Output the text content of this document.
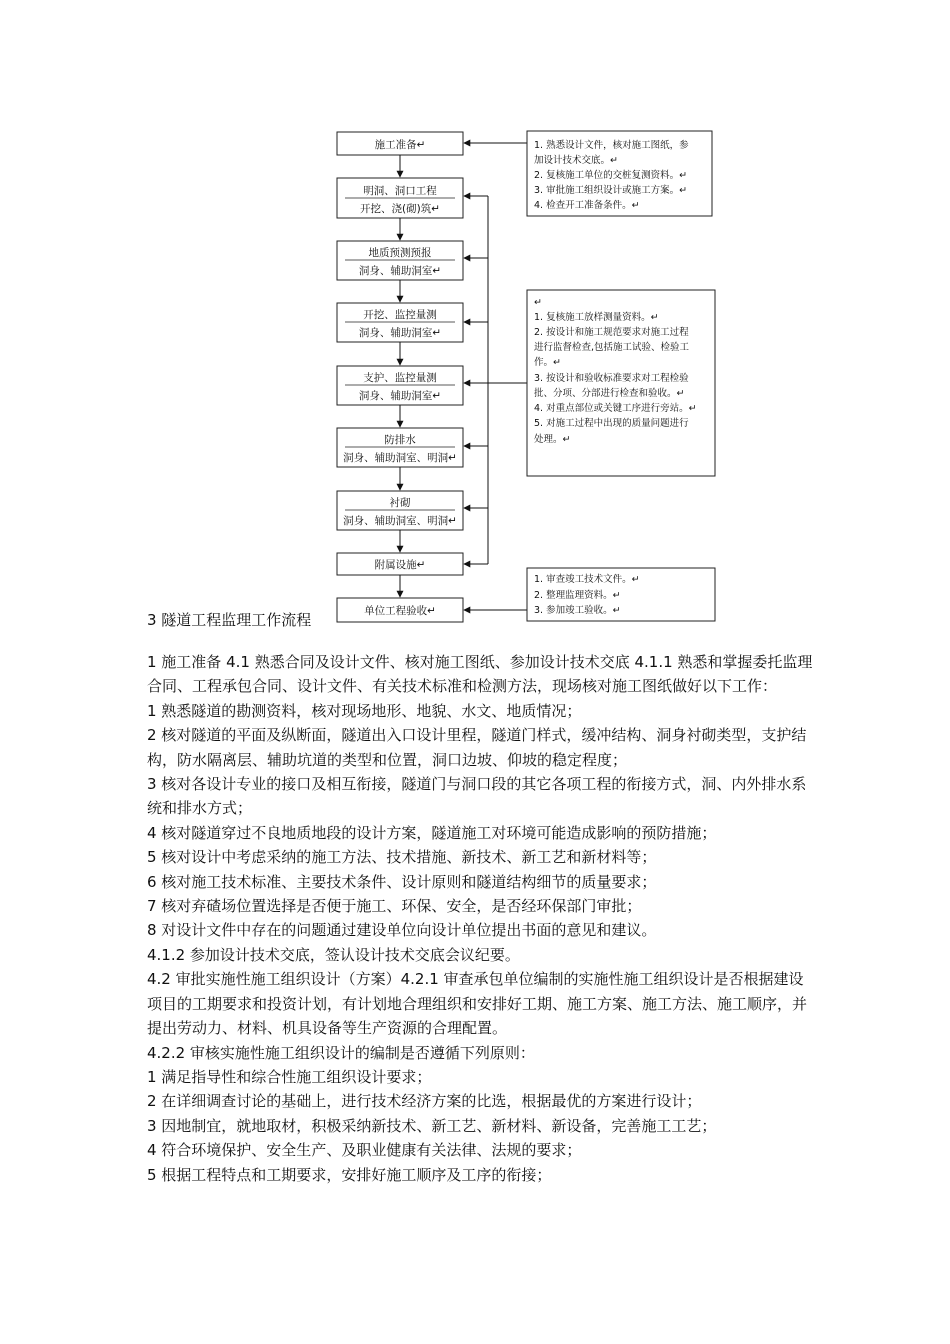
施工准备↵
明洞、洞口工程
开挖、浇(砌)筑↵
地质预测预报
洞身、辅助洞室↵
开挖、监控量测
洞身、辅助洞室↵
支护、监控量测
洞身、辅助洞室↵
防排水
洞身、辅助洞室、明洞↵
衬砌
洞身、辅助洞室、明洞↵
附属设施↵
单位工程验收↵
1. 熟悉设计文件，核对施工图纸，参
加设计技术交底。↵
2. 复核施工单位的交桩复测资料。↵
3. 审批施工组织设计或施工方案。↵
4. 检查开工准备条件。↵
↵
1. 复核施工放样测量资料。↵
2. 按设计和施工规范要求对施工过程
进行监督检查,包括施工试验、检验工
作。↵
3. 按设计和验收标准要求对工程检验
批、分项、分部进行检查和验收。↵
4. 对重点部位或关键工序进行旁站。↵
5. 对施工过程中出现的质量问题进行
处理。↵
1. 审查竣工技术文件。↵
2. 整理监理资料。↵
3. 参加竣工验收。↵
3 隧道工程监理工作流程

1 施工准备 4.1 熟悉合同及设计文件、核对施工图纸、参加设计技术交底 4.1.1 熟悉和掌握委托监理合同、工程承包合同、设计文件、有关技术标准和检测方法，现场核对施工图纸做好以下工作：

1 熟悉隧道的勘测资料，核对现场地形、地貌、水文、地质情况；

2 核对隧道的平面及纵断面，隧道出入口设计里程，隧道门样式，缓冲结构、洞身衬砌类型，支护结构，防水隔离层、辅助坑道的类型和位置，洞口边坡、仰坡的稳定程度；

3 核对各设计专业的接口及相互衔接，隧道门与洞口段的其它各项工程的衔接方式，洞、内外排水系统和排水方式；

4 核对隧道穿过不良地质地段的设计方案，隧道施工对环境可能造成影响的预防措施；

5 核对设计中考虑采纳的施工方法、技术措施、新技术、新工艺和新材料等；

6 核对施工技术标准、主要技术条件、设计原则和隧道结构细节的质量要求；

7 核对弃碴场位置选择是否便于施工、环保、安全，是否经环保部门审批；

8 对设计文件中存在的问题通过建设单位向设计单位提出书面的意见和建议。

4.1.2 参加设计技术交底，签认设计技术交底会议纪要。

4.2 审批实施性施工组织设计（方案）4.2.1 审查承包单位编制的实施性施工组织设计是否根据建设项目的工期要求和投资计划，有计划地合理组织和安排好工期、施工方案、施工方法、施工顺序，并提出劳动力、材料、机具设备等生产资源的合理配置。

4.2.2 审核实施性施工组织设计的编制是否遵循下列原则：

1 满足指导性和综合性施工组织设计要求；

2 在详细调查讨论的基础上，进行技术经济方案的比选，根据最优的方案进行设计；

3 因地制宜，就地取材，积极采纳新技术、新工艺、新材料、新设备，完善施工工艺；

4 符合环境保护、安全生产、及职业健康有关法律、法规的要求；

5 根据工程特点和工期要求，安排好施工顺序及工序的衔接；
